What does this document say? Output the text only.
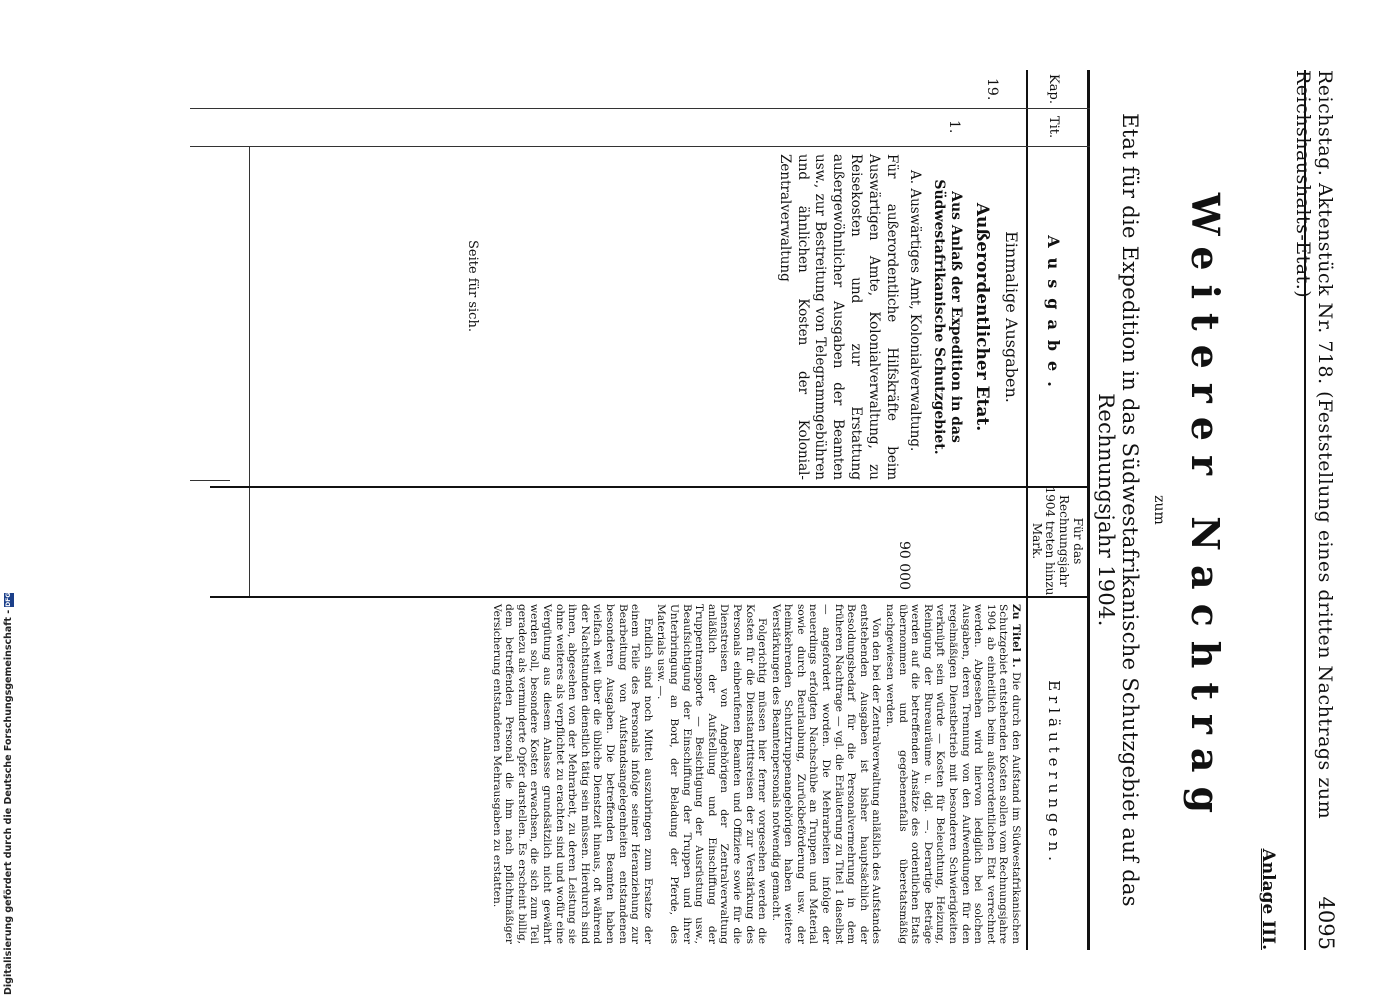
Reichstag. Aktenstück Nr. 718. (Feststellung eines dritten Nachtrags zum Reichshaushalts-Etat.)
4095
Anlage III.
Weiterer Nachtrag
zum
Etat für die Expedition in das Südwestafrikanische Schutzgebiet auf das Rechnungsjahr 1904.
Kap.
Tit.
Ausgabe.
Für das Rechnungsjahr 1904 treten hinzu Mark.
Erläuterungen.
19.
1.
Einmalige Ausgaben.
Außerordentlicher Etat.
Aus Anlaß der Expedition in das Südwestafrikanische Schutzgebiet.
A. Auswärtiges Amt, Kolonialverwaltung.
Für außerordentliche Hilfskräfte beim Auswärtigen Amte, Kolonialverwaltung, zu Reisekosten und zur Erstattung außergewöhnlicher Ausgaben der Beamten usw., zur Bestreitung von Telegrammgebühren und ähnlichen Kosten der Kolonial-Zentralverwaltung
Seite für sich.
90 000

Zu Titel 1. Die durch den Aufstand im Südwestafrikanischen Schutzgebiet entstehenden Kosten sollen vom Rechnungsjahre 1904 ab einheitlich beim außerordentlichen Etat verrechnet werden. Abgesehen wird hiervon lediglich bei solchen Ausgaben, deren Trennung von den Aufwendungen für den regelmäßigen Dienstbetrieb mit besonderen Schwierigkeiten verknüpft sein würde — Kosten für Beleuchtung, Heizung, Reinigung der Bureauräume u. dgl. —. Derartige Beträge werden auf die betreffenden Ansätze des ordentlichen Etats übernommen und gegebenenfalls überetatsmäßig nachgewiesen werden.

Von den bei der Zentralverwaltung anläßlich des Aufstandes entstehenden Ausgaben ist bisher hauptsächlich der Besoldungsbedarf für die Personalvermehrung in dem früheren Nachtrage — vgl. die Erläuterung zu Titel 1 daselbst — angefordert worden. Die Mehrarbeiten infolge der neuerdings erfolgten Nachschübe an Truppen und Material sowie durch Beurlaubung, Zurückbeförderung usw. der heimkehrenden Schutztruppenangehörigen haben weitere Verstärkungen des Beamtenpersonals notwendig gemacht.

Folgerichtig müssen hier ferner vorgesehen werden die Kosten für die Dienstantrittsreisen der zur Verstärkung des Personals einberufenen Beamten und Offiziere sowie für die Dienstreisen von Angehörigen der Zentralverwaltung anläßlich der Aufstellung und Einschiffung der Truppentransporte — Besichtigung der Ausrüstung usw., Beaufsichtigung der Einschiffung der Truppen und ihrer Unterbringung an Bord, der Beladung der Pferde, des Materials usw. —.

Endlich sind noch Mittel auszubringen zum Ersatze der einem Teile des Personals infolge seiner Heranziehung zur Bearbeitung von Aufstandsangelegenheiten entstandenen besonderen Ausgaben. Die betreffenden Beamten haben vielfach weit über die übliche Dienstzeit hinaus, oft während der Nachtstunden dienstlich tätig sein müssen. Hierdurch sind ihnen, abgesehen von der Mehrarbeit, zu deren Leistung sie ohne weiteres als verpflichtet zu erachten sind und wofür eine Vergütung aus diesem Anlasse grundsätzlich nicht gewährt werden soll, besondere Kosten erwachsen, die sich zum Teil geradezu als verminderte Opfer darstellen. Es erscheint billig, dem betreffenden Personal die ihm nach pflichtmäßiger Versicherung entstandenen Mehrausgaben zu erstatten.

Digitalisierung gefördert durch die Deutsche Forschungsgemeinschaft -DFG
